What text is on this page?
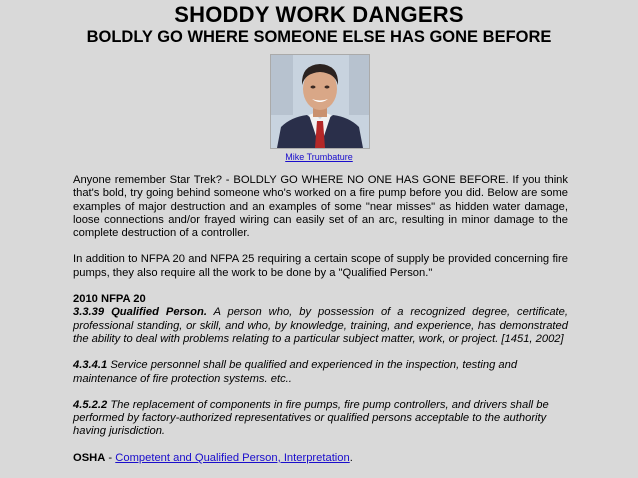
SHODDY WORK DANGERS
BOLDLY GO WHERE SOMEONE ELSE HAS GONE BEFORE
Mike Trumbature

Anyone remember Star Trek? - BOLDLY GO WHERE NO ONE HAS GONE BEFORE. If you think that's bold, try going behind someone who's worked on a fire pump before you did. Below are some examples of major destruction and an examples of some "near misses" as hidden water damage, loose connections and/or frayed wiring can easily set of an arc, resulting in minor damage to the complete destruction of a controller.

In addition to NFPA 20 and NFPA 25 requiring a certain scope of supply be provided concerning fire pumps, they also require all the work to be done by a "Qualified Person."

2010 NFPA 20

3.3.39 Qualified Person. A person who, by possession of a recognized degree, certificate, professional standing, or skill, and who, by knowledge, training, and experience, has demonstrated the ability to deal with problems relating to a particular subject matter, work, or project. [1451, 2002]

4.3.4.1 Service personnel shall be qualified and experienced in the inspection, testing and maintenance of fire protection systems. etc..
4.5.2.2 The replacement of components in fire pumps, fire pump controllers, and drivers shall be performed by factory-authorized representatives or qualified persons acceptable to the authority having jurisdiction.
OSHA - Competent and Qualified Person, Interpretation.
